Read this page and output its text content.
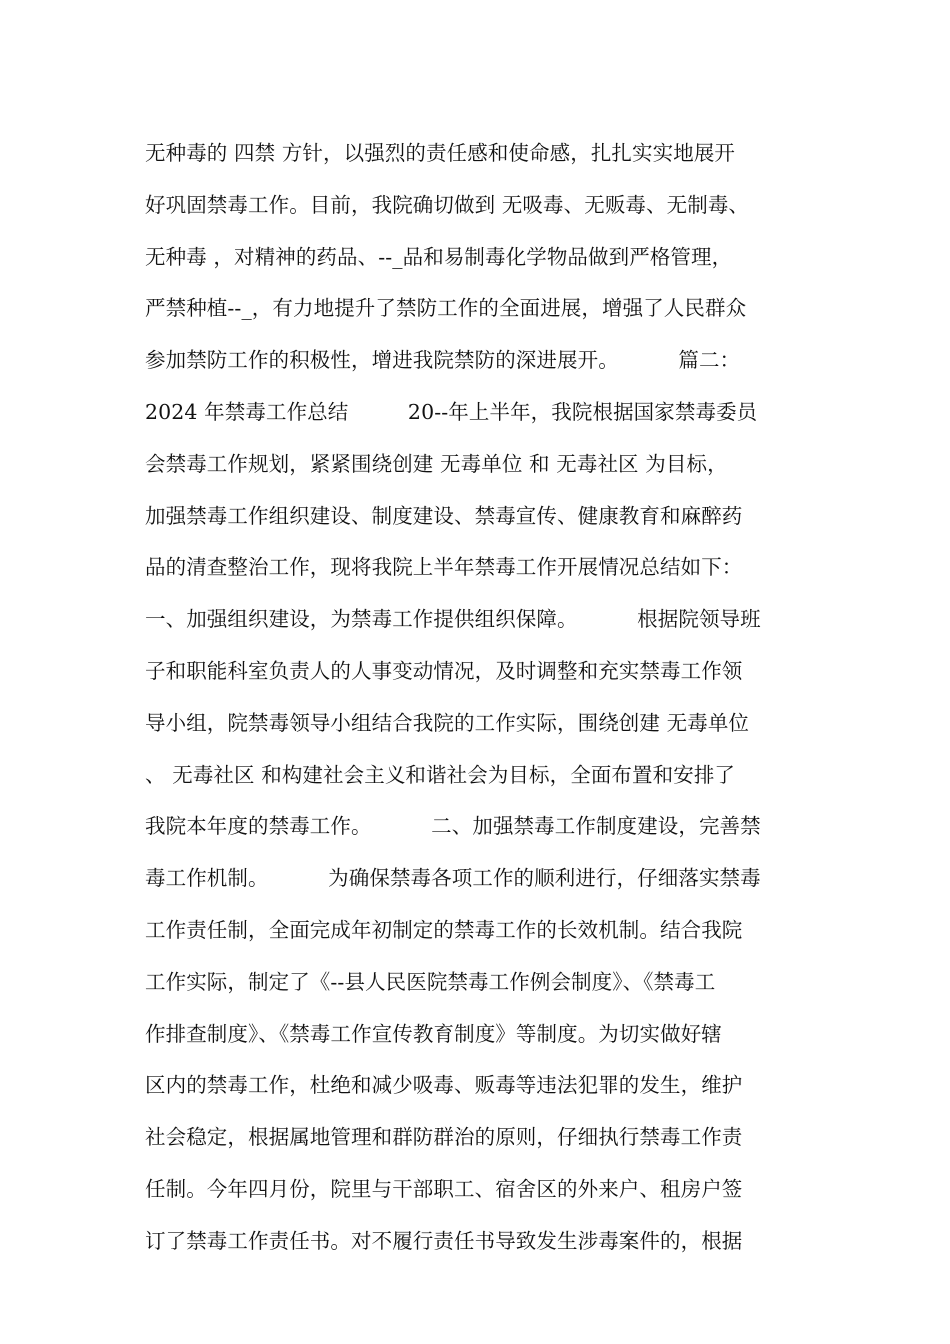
无种毒的 四禁 方针，以强烈的责任感和使命感，扎扎实实地展开
好巩固禁毒工作。目前，我院确切做到 无吸毒、无贩毒、无制毒、
无种毒 ，对精神的药品、--_品和易制毒化学物品做到严格管理，
严禁种植--_，有力地提升了禁防工作的全面进展，增强了人民群众
参加禁防工作的积极性，增进我院禁防的深进展开。         篇二：
2024 年禁毒工作总结         20--年上半年，我院根据国家禁毒委员
会禁毒工作规划，紧紧围绕创建 无毒单位 和 无毒社区 为目标，
加强禁毒工作组织建设、制度建设、禁毒宣传、健康教育和麻醉药
品的清查整治工作，现将我院上半年禁毒工作开展情况总结如下：
一、加强组织建设，为禁毒工作提供组织保障。         根据院领导班
子和职能科室负责人的人事变动情况，及时调整和充实禁毒工作领
导小组，院禁毒领导小组结合我院的工作实际，围绕创建 无毒单位
、 无毒社区 和构建社会主义和谐社会为目标，全面布置和安排了
我院本年度的禁毒工作。         二、加强禁毒工作制度建设，完善禁
毒工作机制。         为确保禁毒各项工作的顺利进行，仔细落实禁毒
工作责任制，全面完成年初制定的禁毒工作的长效机制。结合我院
工作实际，制定了《--县人民医院禁毒工作例会制度》、《禁毒工
作排查制度》、《禁毒工作宣传教育制度》等制度。为切实做好辖
区内的禁毒工作，杜绝和减少吸毒、贩毒等违法犯罪的发生，维护
社会稳定，根据属地管理和群防群治的原则，仔细执行禁毒工作责
任制。今年四月份，院里与干部职工、宿舍区的外来户、租房户签
订了禁毒工作责任书。对不履行责任书导致发生涉毒案件的，根据
